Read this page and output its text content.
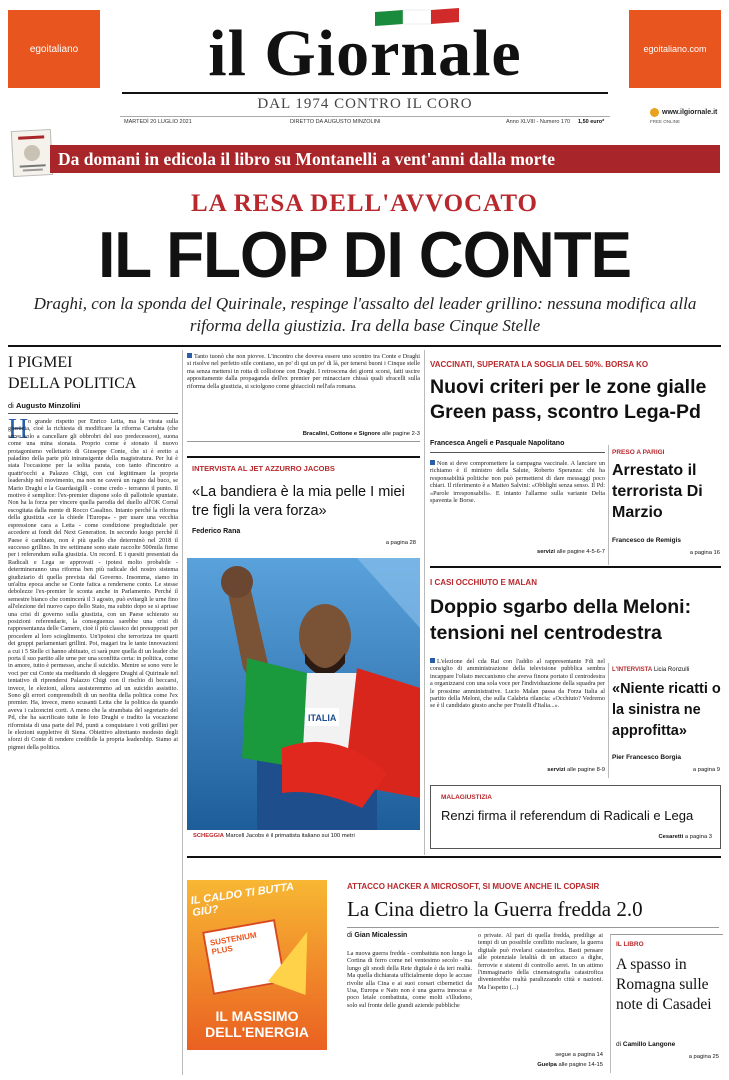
egoitaliano	egoitaliano.com
il Giornale
DAL 1974 CONTRO IL CORO
MARTEDÌ 20 LUGLIO 2021	DIRETTO DA AUGUSTO MINZOLINI	Anno XLVIII - Numero 170 1,50 euro*
www.ilgiornale.it
FREE ONLINE
Da domani in edicola il libro su Montanelli a vent'anni dalla morte
LA RESA DELL'AVVOCATO
IL FLOP DI CONTE
Draghi, con la sponda del Quirinale, respinge l'assalto del leader grillino: nessuna modifica alla riforma della giustizia. Ira della base Cinque Stelle
I PIGMEI
DELLA POLITICA
di Augusto Minzolini
H o grande rispetto per Enrico Letta, ma la virata sulla giustizia, cioè la richiesta di modificare la riforma Cartabia (che serve solo a cancellare gli obbrobri del suo predecessore), suona come una mina sionata. Proprio come è stonato il nuovo protagonismo velleitario di Giuseppe Conte, che si è eretto a paladino della parte più intransigente della magistratura. Per lui è stata l'occasione per la solita parata, con tanto d'incontro a quattr'occhi a Palazzo Chigi, con cui legittimare la propria leadership nel movimento, ma non ne caverà un ragno dal buco, se Mario Draghi e la Guardasigilli - come credo - terranno il punto. Il motivo è semplice: l'ex-premier dispone solo di pallottole spuntate. Non ha la forza per vincere quella parodia del duello all'OK Corral escogitata dalla mente di Rocco Casalino. Intanto perché la riforma della giustizia «ce la chiede l'Europa» - per usare una vecchia espressione cara a Letta - come condizione pregiudiziale per accedere ai fondi del Next Generation. In secondo luogo perché il Paese è cambiato, non è più quello che determinò nel 2018 il successo grillino. In tre settimane sono state raccolte 500mila firme per i referendum sulla giustizia. Un record. E i quesiti presentati da Radicali e Lega se approvati - ipotesi molto probabile - determineranno una riforma ben più radicale del nostro sistema giudiziario di quella prevista dal Governo. Insomma, siamo in un'altra epoca anche se Conte fatica a rendersene conto. Le stesse debolezze l'ex-premier le sconta anche in Parlamento. Perché il semestre bianco che comincerà il 3 agosto, può evitargli le urne fino all'elezione del nuovo capo dello Stato, ma subito dopo se si aprisse una crisi di governo sulla giustizia, con un Paese schierato su posizioni referendarie, la conseguenza sarebbe una crisi di rappresentanza delle Camere, cioè il più classico dei presupposti per procedere al loro scioglimento. Un'ipotesi che terrorizza tre quarti dei gruppi parlamentari grillini. Poi, magari tra le tante innovazioni a cui i 5 Stelle ci hanno abituato, ci sarà pure quella di un leader che porta il suo partito alle urne per una sconfitta certa: in politica, come in amore, tutto è permesso, anche il suicidio. Mentre se sono vere le voci per cui Conte sta meditando di sleggere Draghi al Quirinale nel tentativo di riprendersi Palazzo Chigi con il rischio di beccarsi, invece, le elezioni, allora assisteremmo ad un suicidio assistito. Sono gli errori comprensibili di un neofita della politica come l'ex premier. Ha, invece, meno scusanti Letta che fa politica da quando aveva i calzoncini corti. A meno che la strambata del segretario del Pd, che ha sacrificato tutte le foto Draghi e tradito la vocazione riformista di una parte del Pd, punti a conquistare i voti grillini per le elezioni suppletive di Siena. Obiettivo altrettanto modesto degli sforzi di Conte di rendere credibile la propria leadership. Siamo ai pigmei della politica.
Tanto tuonò che non piovve. L'incontro che doveva essere uno scontro tra Conte e Draghi si risolve nel perfetto stile contiano, un po' di qui un po' di là, per tenersi buoni i Cinque stelle ma senza mettersi in rotta di collisione con Draghi. I retroscena dei giorni scorsi, fatti uscire appositamente dalla propaganda dell'ex premier per minacciare chissà quali sfracelli sulla riforma della giustizia, si sciolgono come ghiaccioli nell'afa romana.
Bracalini, Cottone e Signore alle pagine 2-3
INTERVISTA AL JET AZZURRO JACOBS
«La bandiera è la mia pelle I miei tre figli la vera forza»
Federico Rana
a pagina 28
ITALIA
SCHEGGIA Marcell Jacobs è il primatista italiano sui 100 metri
VACCINATI, SUPERATA LA SOGLIA DEL 50%. BORSA KO
Nuovi criteri per le zone gialle Green pass, scontro Lega-Pd
Francesca Angeli e Pasquale Napolitano
Non si deve compromettere la campagna vaccinale. A lanciare un richiamo è il ministro della Salute, Roberto Speranza: chi ha responsabilità politiche non può permettersi di dare messaggi poco chiari. Il riferimento è a Matteo Salvini: «Obblighi senza senso. Il Pd: «Parole irresponsabili». E intanto l'allarme sulla variante Delta spaventa le Borse.
servizi alle pagine 4-5-6-7
PRESO A PARIGI
Arrestato il terrorista Di Marzio
Francesco de Remigis
a pagina 16
I CASI OCCHIUTO E MALAN
Doppio sgarbo della Meloni: tensioni nel centrodestra
L'elezione del cda Rai con l'addio al rappresentante Fdi nel consiglio di amministrazione della televisione pubblica sembra incappare l'oliato meccanismo che aveva finora portato il centrodestra a organizzarsi con una sola voce per l'individuazione della squadra per le prossime amministrative. Lucio Malan passa da Forza Italia al partito della Meloni, che sulla Calabria rilancia: «Occhiuto? Vedremo se è il candidato giusto anche per Fratelli d'Italia...».
servizi alle pagine 8-9
L'INTERVISTA Licia Ronzulli
«Niente ricatti o la sinistra ne approfitta»
Pier Francesco Borgia
a pagina 9
MALAGIUSTIZIA
Renzi firma il referendum di Radicali e Lega
Cesaretti a pagina 3
IL CALDO TI BUTTA GIÙ?
SUSTENIUM PLUS
IL MASSIMO DELL'ENERGIA
ATTACCO HACKER A MICROSOFT, SI MUOVE ANCHE IL COPASIR
La Cina dietro la Guerra fredda 2.0
di Gian Micalessin
La nuova guerra fredda - combattuta non lungo la Cortina di ferro come nel ventesimo secolo - ma lungo gli snodi della Rete digitale è da ieri realtà. Ma quella dichiarata ufficialmente dopo le accuse rivolte alla Cina e ai suoi corsari cibernetici da Usa, Europa e Nato non è una guerra innocua e poco letale combattuta, come molti s'illudono, solo sul fronte delle grandi aziende pubbliche
o private. Al pari di quella fredda, predilige ai tempi di un possibile conflitto nucleare, la guerra digitale può rivelarsi catastrofica. Basti pensare alle potenziale letalità di un attacco a dighe, ferrovie e sistemi di controllo aerei. In un attimo l'immaginario della cinematografia catastrofica diventerebbe realtà paralizzando città e nazioni. Ma l'aspetto (...)
segue a pagina 14
Guelpa alle pagine 14-15
IL LIBRO
A spasso in Romagna sulle note di Casadei
di Camillo Langone
a pagina 25
